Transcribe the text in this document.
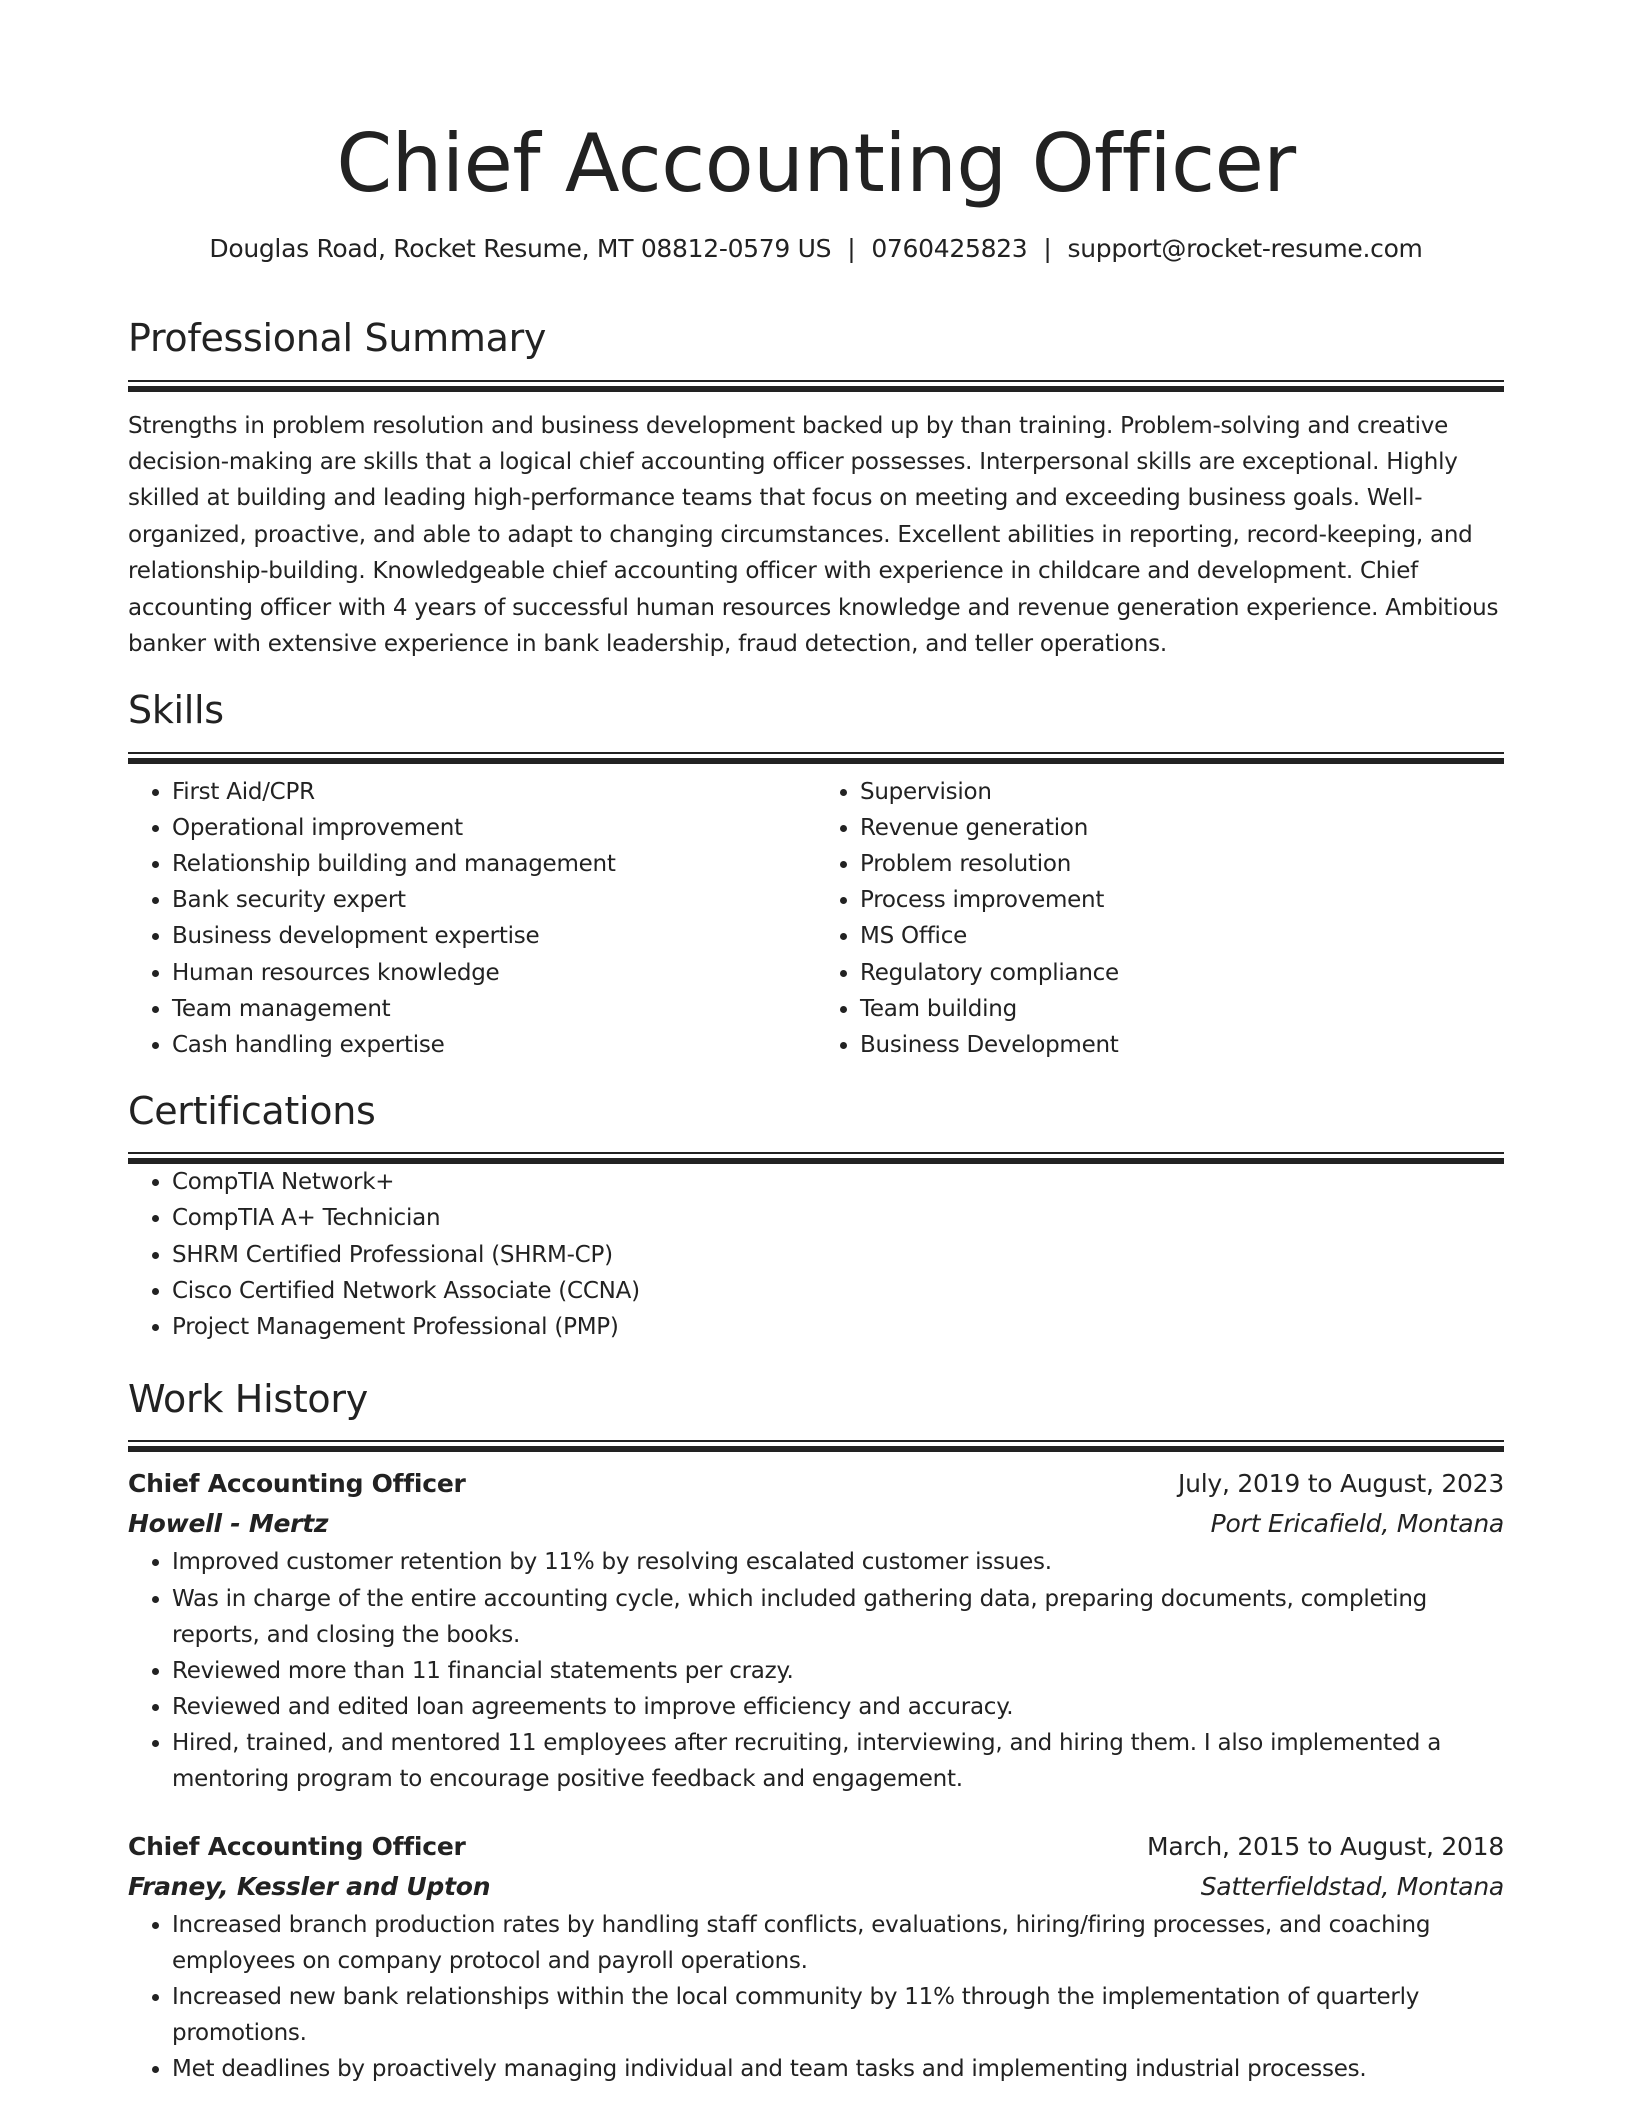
Chief Accounting Officer
Douglas Road, Rocket Resume, MT 08812-0579 US | 0760425823 | support@rocket-resume.com
Professional Summary

Strengths in problem resolution and business development backed up by than training. Problem-solving and creative decision-making are skills that a logical chief accounting officer possesses. Interpersonal skills are exceptional. Highly skilled at building and leading high-performance teams that focus on meeting and exceeding business goals. Well-organized, proactive, and able to adapt to changing circumstances. Excellent abilities in reporting, record-keeping, and relationship-building. Knowledgeable chief accounting officer with experience in childcare and development. Chief accounting officer with 4 years of successful human resources knowledge and revenue generation experience. Ambitious banker with extensive experience in bank leadership, fraud detection, and teller operations.

Skills
• First Aid/CPR
• Operational improvement
• Relationship building and management
• Bank security expert
• Business development expertise
• Human resources knowledge
• Team management
• Cash handling expertise
• Supervision
• Revenue generation
• Problem resolution
• Process improvement
• MS Office
• Regulatory compliance
• Team building
• Business Development
Certifications
• CompTIA Network+
• CompTIA A+ Technician
• SHRM Certified Professional (SHRM-CP)
• Cisco Certified Network Associate (CCNA)
• Project Management Professional (PMP)
Work History
Chief Accounting Officer	July, 2019 to August, 2023
Howell - Mertz	Port Ericafield, Montana
• Improved customer retention by 11% by resolving escalated customer issues.
• Was in charge of the entire accounting cycle, which included gathering data, preparing documents, completing reports, and closing the books.
• Reviewed more than 11 financial statements per crazy.
• Reviewed and edited loan agreements to improve efficiency and accuracy.
• Hired, trained, and mentored 11 employees after recruiting, interviewing, and hiring them. I also implemented a mentoring program to encourage positive feedback and engagement.
Chief Accounting Officer	March, 2015 to August, 2018
Franey, Kessler and Upton	Satterfieldstad, Montana
• Increased branch production rates by handling staff conflicts, evaluations, hiring/firing processes, and coaching employees on company protocol and payroll operations.
• Increased new bank relationships within the local community by 11% through the implementation of quarterly promotions.
• Met deadlines by proactively managing individual and team tasks and implementing industrial processes.
